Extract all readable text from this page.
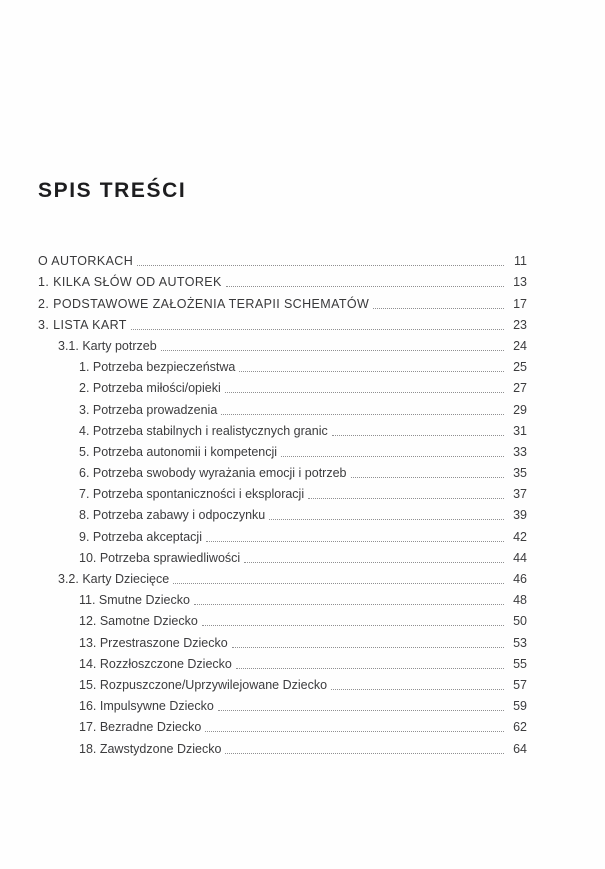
SPIS TREŚCI
O AUTORKACH	11
1. KILKA SŁÓW OD AUTOREK	13
2. PODSTAWOWE ZAŁOŻENIA TERAPII SCHEMATÓW	17
3. LISTA KART	23
3.1. Karty potrzeb	24
1. Potrzeba bezpieczeństwa	25
2. Potrzeba miłości/opieki	27
3. Potrzeba prowadzenia	29
4. Potrzeba stabilnych i realistycznych granic	31
5. Potrzeba autonomii i kompetencji	33
6. Potrzeba swobody wyrażania emocji i potrzeb	35
7. Potrzeba spontaniczności i eksploracji	37
8. Potrzeba zabawy i odpoczynku	39
9. Potrzeba akceptacji	42
10. Potrzeba sprawiedliwości	44
3.2. Karty Dziecięce	46
11. Smutne Dziecko	48
12. Samotne Dziecko	50
13. Przestraszone Dziecko	53
14. Rozzłoszczone Dziecko	55
15. Rozpuszczone/Uprzywilejowane Dziecko	57
16. Impulsywne Dziecko	59
17. Bezradne Dziecko	62
18. Zawstydzone Dziecko	64
